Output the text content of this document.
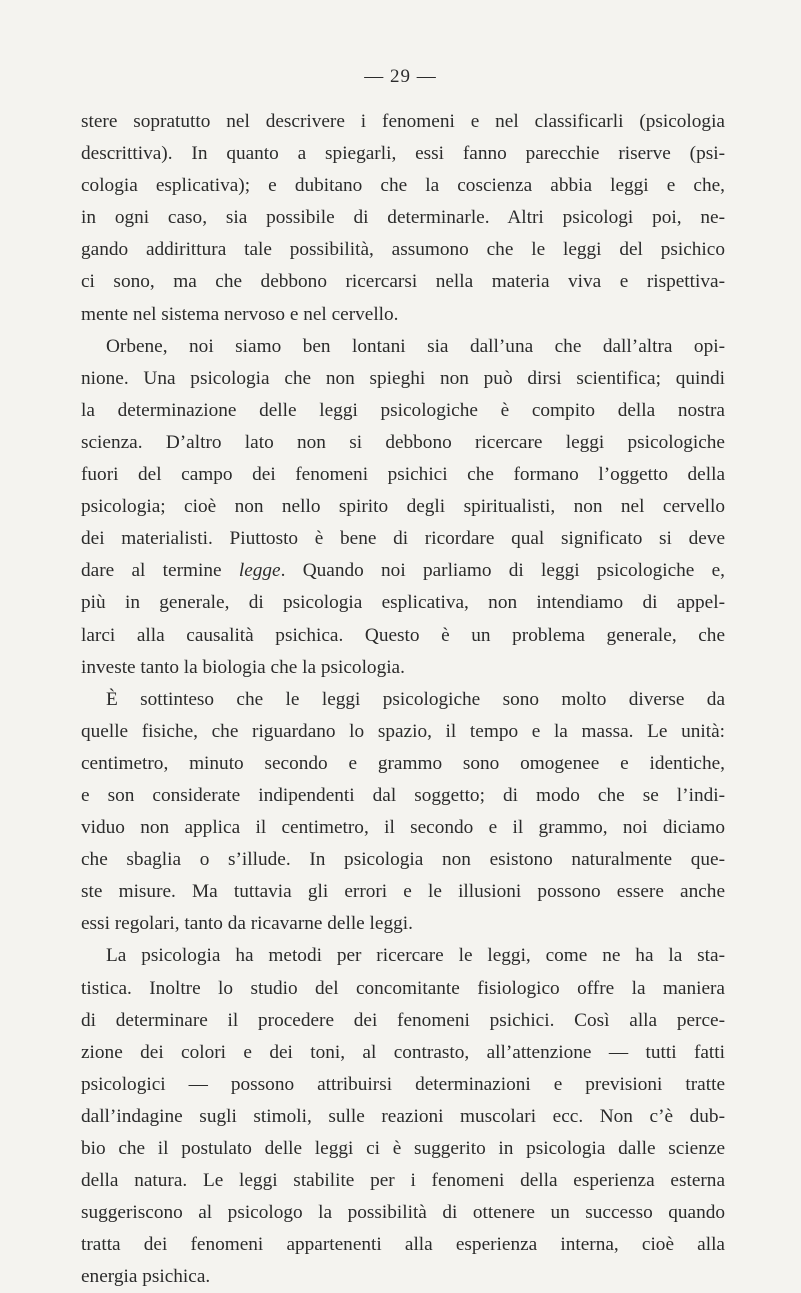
— 29 —
stere sopratutto nel descrivere i fenomeni e nel classificarli (psicologia
descrittiva). In quanto a spiegarli, essi fanno parecchie riserve (psi-
cologia esplicativa); e dubitano che la coscienza abbia leggi e che,
in ogni caso, sia possibile di determinarle. Altri psicologi poi, ne-
gando addirittura tale possibilità, assumono che le leggi del psichico
ci sono, ma che debbono ricercarsi nella materia viva e rispettiva-
mente nel sistema nervoso e nel cervello.
Orbene, noi siamo ben lontani sia dall’una che dall’altra opi-
nione. Una psicologia che non spieghi non può dirsi scientifica; quindi
la determinazione delle leggi psicologiche è compito della nostra
scienza. D’altro lato non si debbono ricercare leggi psicologiche
fuori del campo dei fenomeni psichici che formano l’oggetto della
psicologia; cioè non nello spirito degli spiritualisti, non nel cervello
dei materialisti. Piuttosto è bene di ricordare qual significato si deve
dare al termine legge. Quando noi parliamo di leggi psicologiche e,
più in generale, di psicologia esplicativa, non intendiamo di appel-
larci alla causalità psichica. Questo è un problema generale, che
investe tanto la biologia che la psicologia.
È sottinteso che le leggi psicologiche sono molto diverse da
quelle fisiche, che riguardano lo spazio, il tempo e la massa. Le unità:
centimetro, minuto secondo e grammo sono omogenee e identiche,
e son considerate indipendenti dal soggetto; di modo che se l’indi-
viduo non applica il centimetro, il secondo e il grammo, noi diciamo
che sbaglia o s’illude. In psicologia non esistono naturalmente que-
ste misure. Ma tuttavia gli errori e le illusioni possono essere anche
essi regolari, tanto da ricavarne delle leggi.
La psicologia ha metodi per ricercare le leggi, come ne ha la sta-
tistica. Inoltre lo studio del concomitante fisiologico offre la maniera
di determinare il procedere dei fenomeni psichici. Così alla perce-
zione dei colori e dei toni, al contrasto, all’attenzione — tutti fatti
psicologici — possono attribuirsi determinazioni e previsioni tratte
dall’indagine sugli stimoli, sulle reazioni muscolari ecc. Non c’è dub-
bio che il postulato delle leggi ci è suggerito in psicologia dalle scienze
della natura. Le leggi stabilite per i fenomeni della esperienza esterna
suggeriscono al psicologo la possibilità di ottenere un successo quando
tratta dei fenomeni appartenenti alla esperienza interna, cioè alla
energia psichica.
